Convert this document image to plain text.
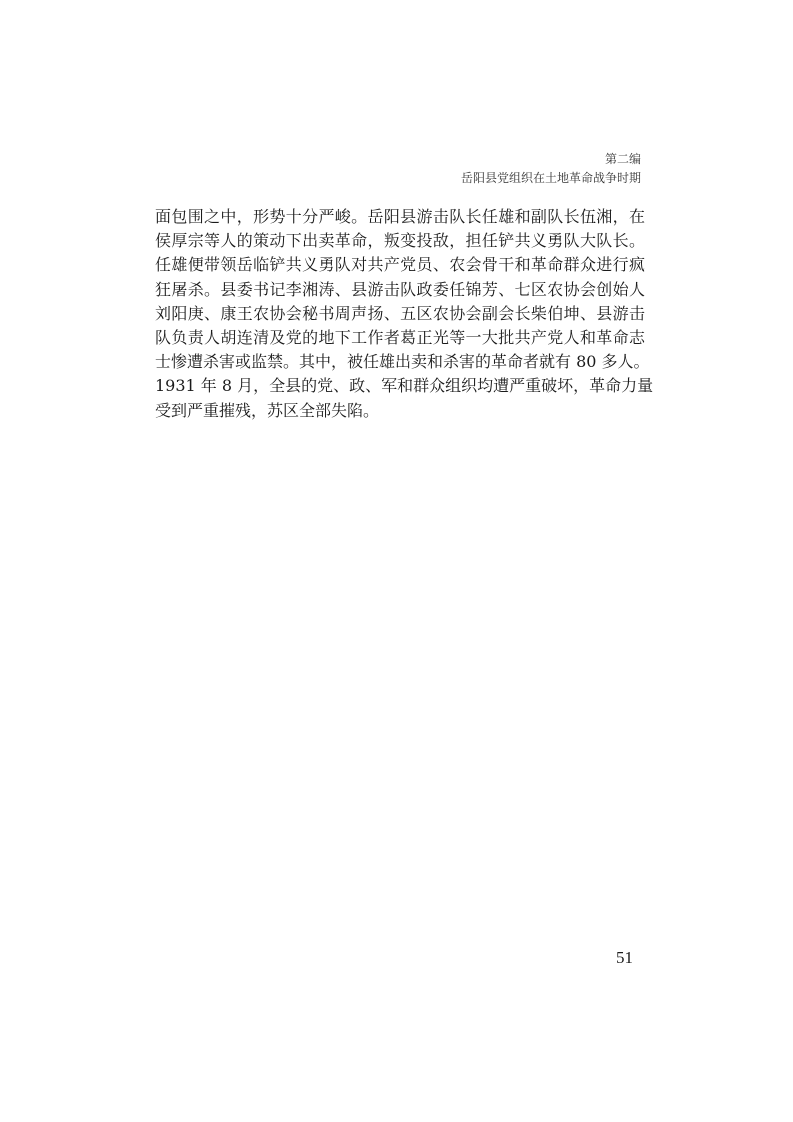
第二编
岳阳县党组织在土地革命战争时期
面包围之中，形势十分严峻。岳阳县游击队长任雄和副队长伍湘，在
侯厚宗等人的策动下出卖革命，叛变投敌，担任铲共义勇队大队长。
任雄便带领岳临铲共义勇队对共产党员、农会骨干和革命群众进行疯
狂屠杀。县委书记李湘涛、县游击队政委任锦芳、七区农协会创始人
刘阳庚、康王农协会秘书周声扬、五区农协会副会长柴伯坤、县游击
队负责人胡连清及党的地下工作者葛正光等一大批共产党人和革命志
士惨遭杀害或监禁。其中，被任雄出卖和杀害的革命者就有 80 多人。
1931 年 8 月，全县的党、政、军和群众组织均遭严重破坏，革命力量
受到严重摧残，苏区全部失陷。
51
